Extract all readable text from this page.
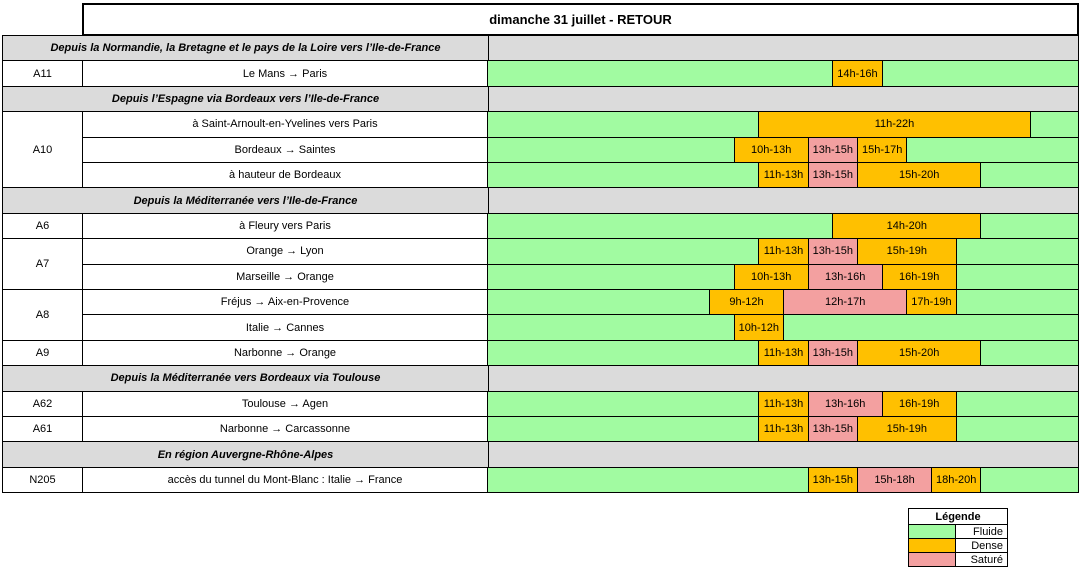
dimanche 31 juillet - RETOUR
Depuis la Normandie, la Bretagne et le pays de la Loire vers l’Ile-de-France
A11	Le Mans → Paris	14h-16h
Depuis l’Espagne via Bordeaux vers l’Ile-de-France
A10
à Saint-Arnoult-en-Yvelines vers Paris	11h-22h
Bordeaux → Saintes	10h-13h	13h-15h 15h-17h
à hauteur de Bordeaux	11h-13h 13h-15h	15h-20h
Depuis la Méditerranée vers l’Ile-de-France
A6	à Fleury vers Paris	14h-20h
A7
Orange → Lyon	11h-13h 13h-15h	15h-19h
Marseille → Orange	10h-13h	13h-16h	16h-19h
A8
Fréjus → Aix-en-Provence	9h-12h	12h-17h	17h-19h
Italie → Cannes	10h-12h
A9	Narbonne → Orange	11h-13h 13h-15h	15h-20h
Depuis la Méditerranée vers Bordeaux via Toulouse
A62	Toulouse → Agen	11h-13h	13h-16h	16h-19h
A61	Narbonne → Carcassonne	11h-13h 13h-15h	15h-19h
En région Auvergne-Rhône-Alpes
N205	accès du tunnel du Mont-Blanc : Italie → France	13h-15h	15h-18h	18h-20h
Légende
Fluide
Dense
Saturé
